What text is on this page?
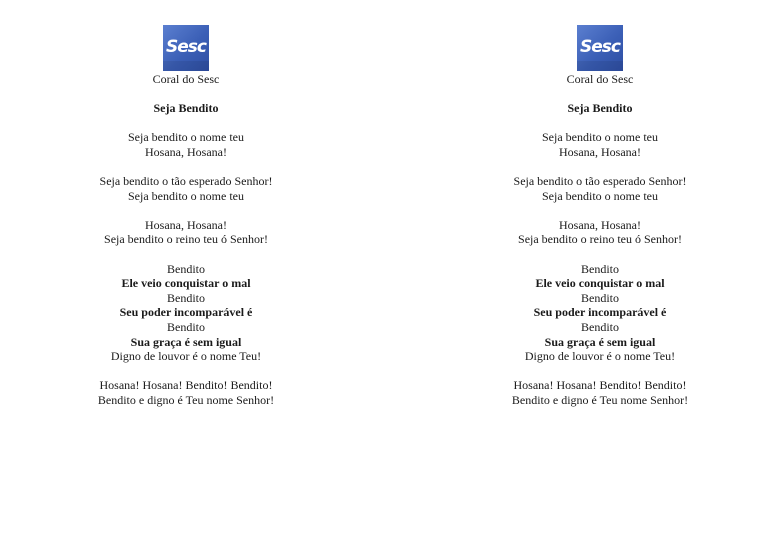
Sesc
Coral do Sesc
Seja Bendito
Seja bendito o nome teu
Hosana, Hosana!
Seja bendito o tão esperado Senhor!
Seja bendito o nome teu
Hosana, Hosana!
Seja bendito o reino teu ó Senhor!
Bendito
Ele veio conquistar o mal
Bendito
Seu poder incomparável é
Bendito
Sua graça é sem igual
Digno de louvor é o nome Teu!
Hosana! Hosana! Bendito! Bendito!
Bendito e digno é Teu nome Senhor!
Sesc
Coral do Sesc
Seja Bendito
Seja bendito o nome teu
Hosana, Hosana!
Seja bendito o tão esperado Senhor!
Seja bendito o nome teu
Hosana, Hosana!
Seja bendito o reino teu ó Senhor!
Bendito
Ele veio conquistar o mal
Bendito
Seu poder incomparável é
Bendito
Sua graça é sem igual
Digno de louvor é o nome Teu!
Hosana! Hosana! Bendito! Bendito!
Bendito e digno é Teu nome Senhor!
